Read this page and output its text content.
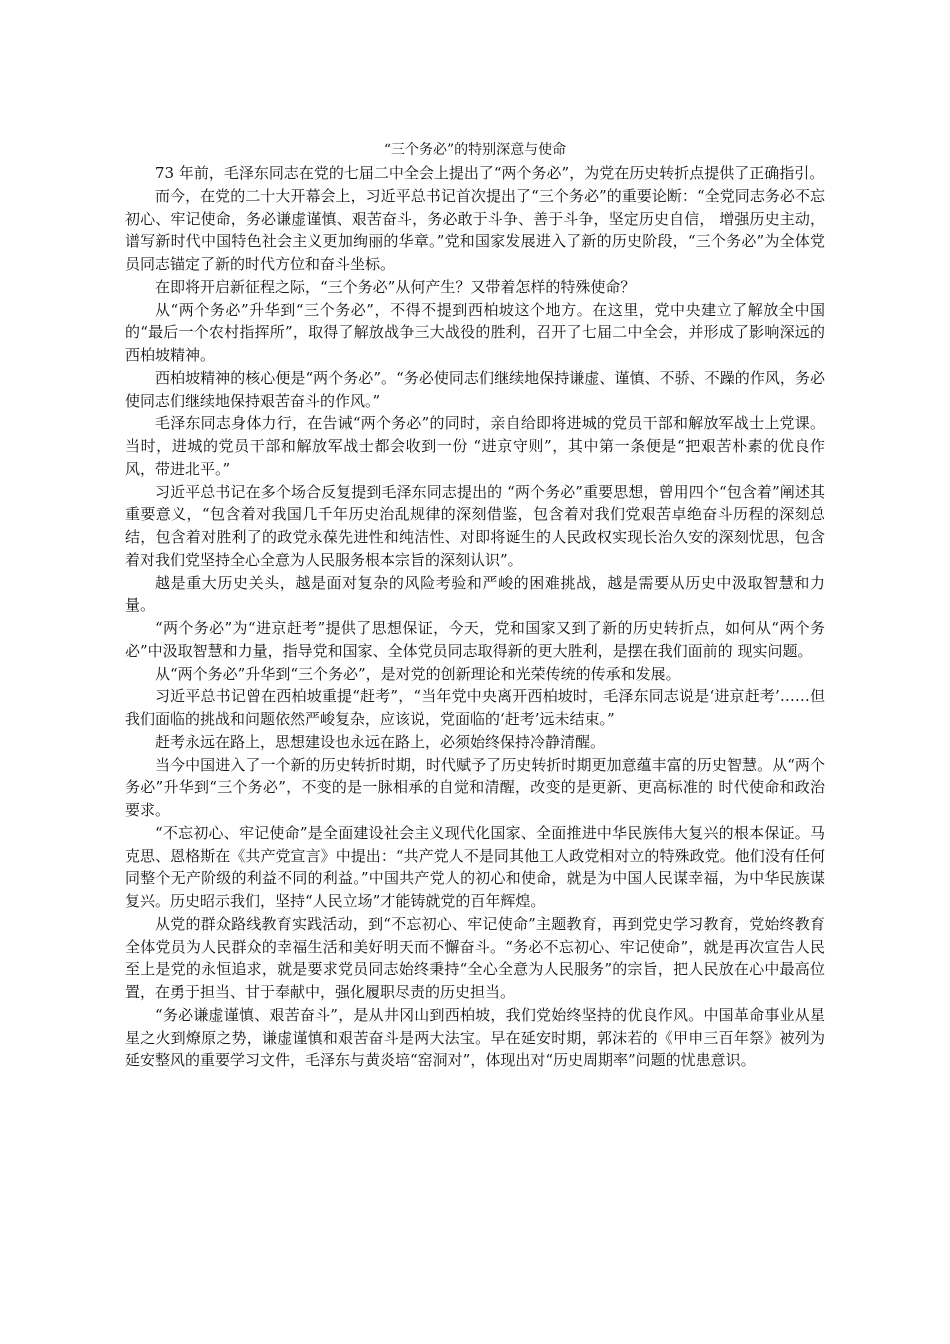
“三个务必”的特别深意与使命

73 年前，毛泽东同志在党的七届二中全会上提出了“两个务必”，为党在历史转折点提供了正确指引。

而今，在党的二十大开幕会上，习近平总书记首次提出了“三个务必”的重要论断：“全党同志务必不忘初心、牢记使命，务必谦虚谨慎、艰苦奋斗，务必敢于斗争、善于斗争，坚定历史自信， 增强历史主动，谱写新时代中国特色社会主义更加绚丽的华章。”党和国家发展进入了新的历史阶段，“三个务必”为全体党员同志锚定了新的时代方位和奋斗坐标。

在即将开启新征程之际，“三个务必”从何产生？又带着怎样的特殊使命？

从“两个务必”升华到“三个务必”，不得不提到西柏坡这个地方。在这里，党中央建立了解放全中国的“最后一个农村指挥所”，取得了解放战争三大战役的胜利，召开了七届二中全会，并形成了影响深远的西柏坡精神。

西柏坡精神的核心便是“两个务必”。“务必使同志们继续地保持谦虚、谨慎、不骄、不躁的作风，务必使同志们继续地保持艰苦奋斗的作风。”

毛泽东同志身体力行，在告诫“两个务必”的同时，亲自给即将进城的党员干部和解放军战士上党课。当时，进城的党员干部和解放军战士都会收到一份 “进京守则”，其中第一条便是“把艰苦朴素的优良作风，带进北平。”

习近平总书记在多个场合反复提到毛泽东同志提出的 “两个务必”重要思想，曾用四个“包含着”阐述其重要意义，“包含着对我国几千年历史治乱规律的深刻借鉴，包含着对我们党艰苦卓绝奋斗历程的深刻总结，包含着对胜利了的政党永葆先进性和纯洁性、对即将诞生的人民政权实现长治久安的深刻忧思，包含着对我们党坚持全心全意为人民服务根本宗旨的深刻认识”。

越是重大历史关头，越是面对复杂的风险考验和严峻的困难挑战，越是需要从历史中汲取智慧和力量。

“两个务必”为“进京赶考”提供了思想保证，今天，党和国家又到了新的历史转折点，如何从“两个务必”中汲取智慧和力量，指导党和国家、全体党员同志取得新的更大胜利，是摆在我们面前的 现实问题。

从“两个务必”升华到“三个务必”，是对党的创新理论和光荣传统的传承和发展。

习近平总书记曾在西柏坡重提“赶考”，“当年党中央离开西柏坡时，毛泽东同志说是‘进京赶考’……但我们面临的挑战和问题依然严峻复杂，应该说，党面临的‘赶考’远未结束。”

赶考永远在路上，思想建设也永远在路上，必须始终保持冷静清醒。

当今中国进入了一个新的历史转折时期，时代赋予了历史转折时期更加意蕴丰富的历史智慧。从“两个务必”升华到“三个务必”，不变的是一脉相承的自觉和清醒，改变的是更新、更高标准的 时代使命和政治要求。

“不忘初心、牢记使命”是全面建设社会主义现代化国家、全面推进中华民族伟大复兴的根本保证。马克思、恩格斯在《共产党宣言》中提出：“共产党人不是同其他工人政党相对立的特殊政党。他们没有任何同整个无产阶级的利益不同的利益。”中国共产党人的初心和使命，就是为中国人民谋幸福，为中华民族谋复兴。历史昭示我们，坚持“人民立场”才能铸就党的百年辉煌。

从党的群众路线教育实践活动，到“不忘初心、牢记使命”主题教育，再到党史学习教育，党始终教育全体党员为人民群众的幸福生活和美好明天而不懈奋斗。“务必不忘初心、牢记使命”，就是再次宣告人民至上是党的永恒追求，就是要求党员同志始终秉持“全心全意为人民服务”的宗旨，把人民放在心中最高位置，在勇于担当、甘于奉献中，强化履职尽责的历史担当。

“务必谦虚谨慎、艰苦奋斗”，是从井冈山到西柏坡，我们党始终坚持的优良作风。中国革命事业从星星之火到燎原之势，谦虚谨慎和艰苦奋斗是两大法宝。早在延安时期，郭沫若的《甲申三百年祭》被列为延安整风的重要学习文件，毛泽东与黄炎培“窑洞对”，体现出对“历史周期率”问题的忧患意识。
